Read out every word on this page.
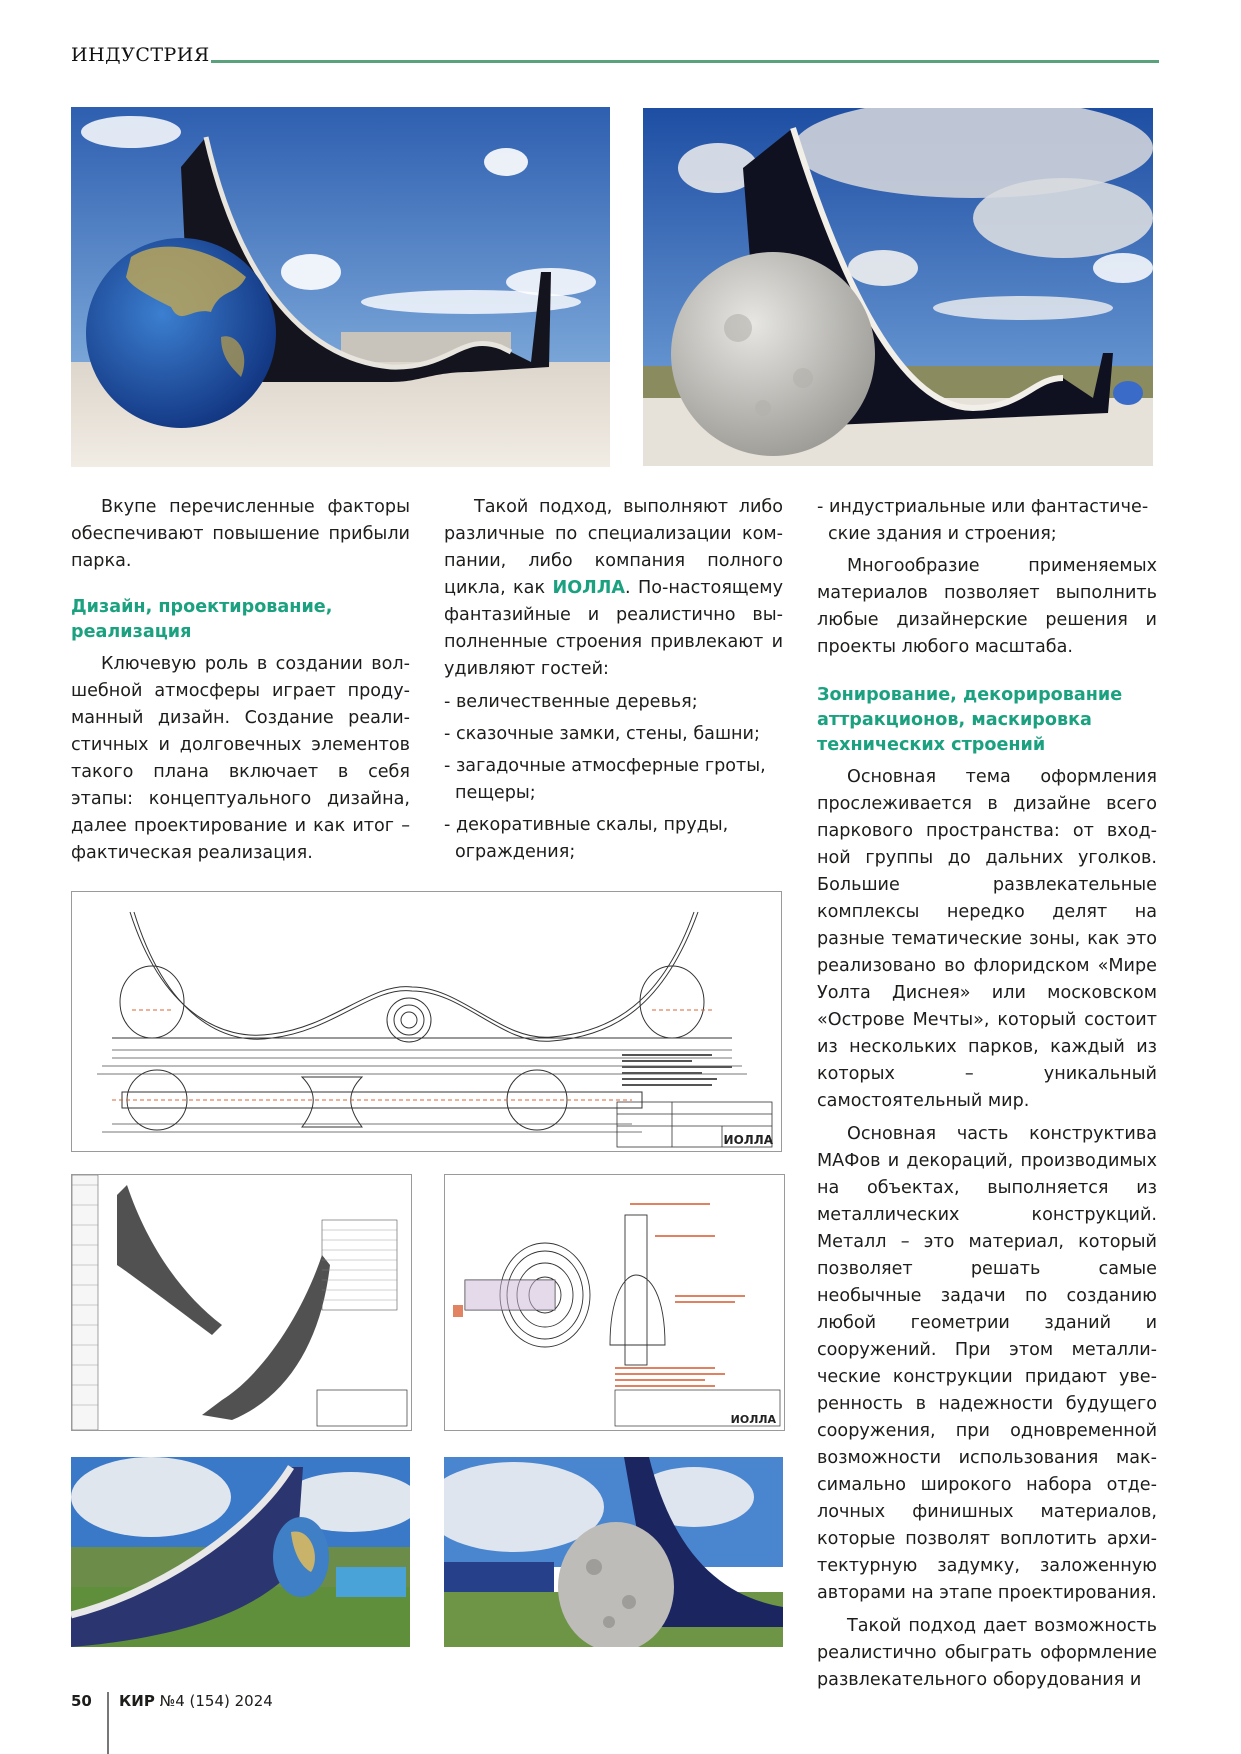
ИНДУСТРИЯ

Вкупе перечисленные факторы обеспечивают повышение прибыли парка.

Дизайн, проектирование, реализация

Ключевую роль в создании волшебной атмосферы играет продуманный дизайн. Создание реалистичных и долговечных элементов такого плана включает в себя этапы: концептуального дизайна, далее проектирование и как итог – фактическая реализация.

Такой подход, выполняют либо различные по специализации компании, либо компания полного цикла, как ИОЛЛА. По-настоящему фантазийные и реалистично выполненные строения привлекают и удивляют гостей:

- величественные деревья;
- сказочные замки, стены, башни;
- загадочные атмосферные гроты, пещеры;
- декоративные скалы, пруды, ограждения;
- индустриальные или фантастические здания и строения;

Многообразие применяемых материалов позволяет выполнить любые дизайнерские решения и проекты любого масштаба.

Зонирование, декорирование аттракционов, маскировка технических строений

Основная тема оформления прослеживается в дизайне всего паркового пространства: от входной группы до дальних уголков. Большие развлекательные комплексы нередко делят на разные тематические зоны, как это реализовано во флоридском «Мире Уолта Диснея» или московском «Острове Мечты», который состоит из нескольких парков, каждый из которых – уникальный самостоятельный мир.

Основная часть конструктива МАФов и декораций, производимых на объектах, выполняется из металлических конструкций. Металл – это материал, который позволяет решать самые необычные задачи по созданию любой геометрии зданий и сооружений. При этом металлические конструкции придают уверенность в надежности будущего сооружения, при одновременной возможности использования максимально широкого набора отделочных финишных материалов, которые позволят воплотить архитектурную задумку, заложенную авторами на этапе проектирования.

Такой подход дает возможность реалистично обыграть оформление развлекательного оборудования и

ИОЛЛА
ИОЛЛА
50 КИР №4 (154) 2024
